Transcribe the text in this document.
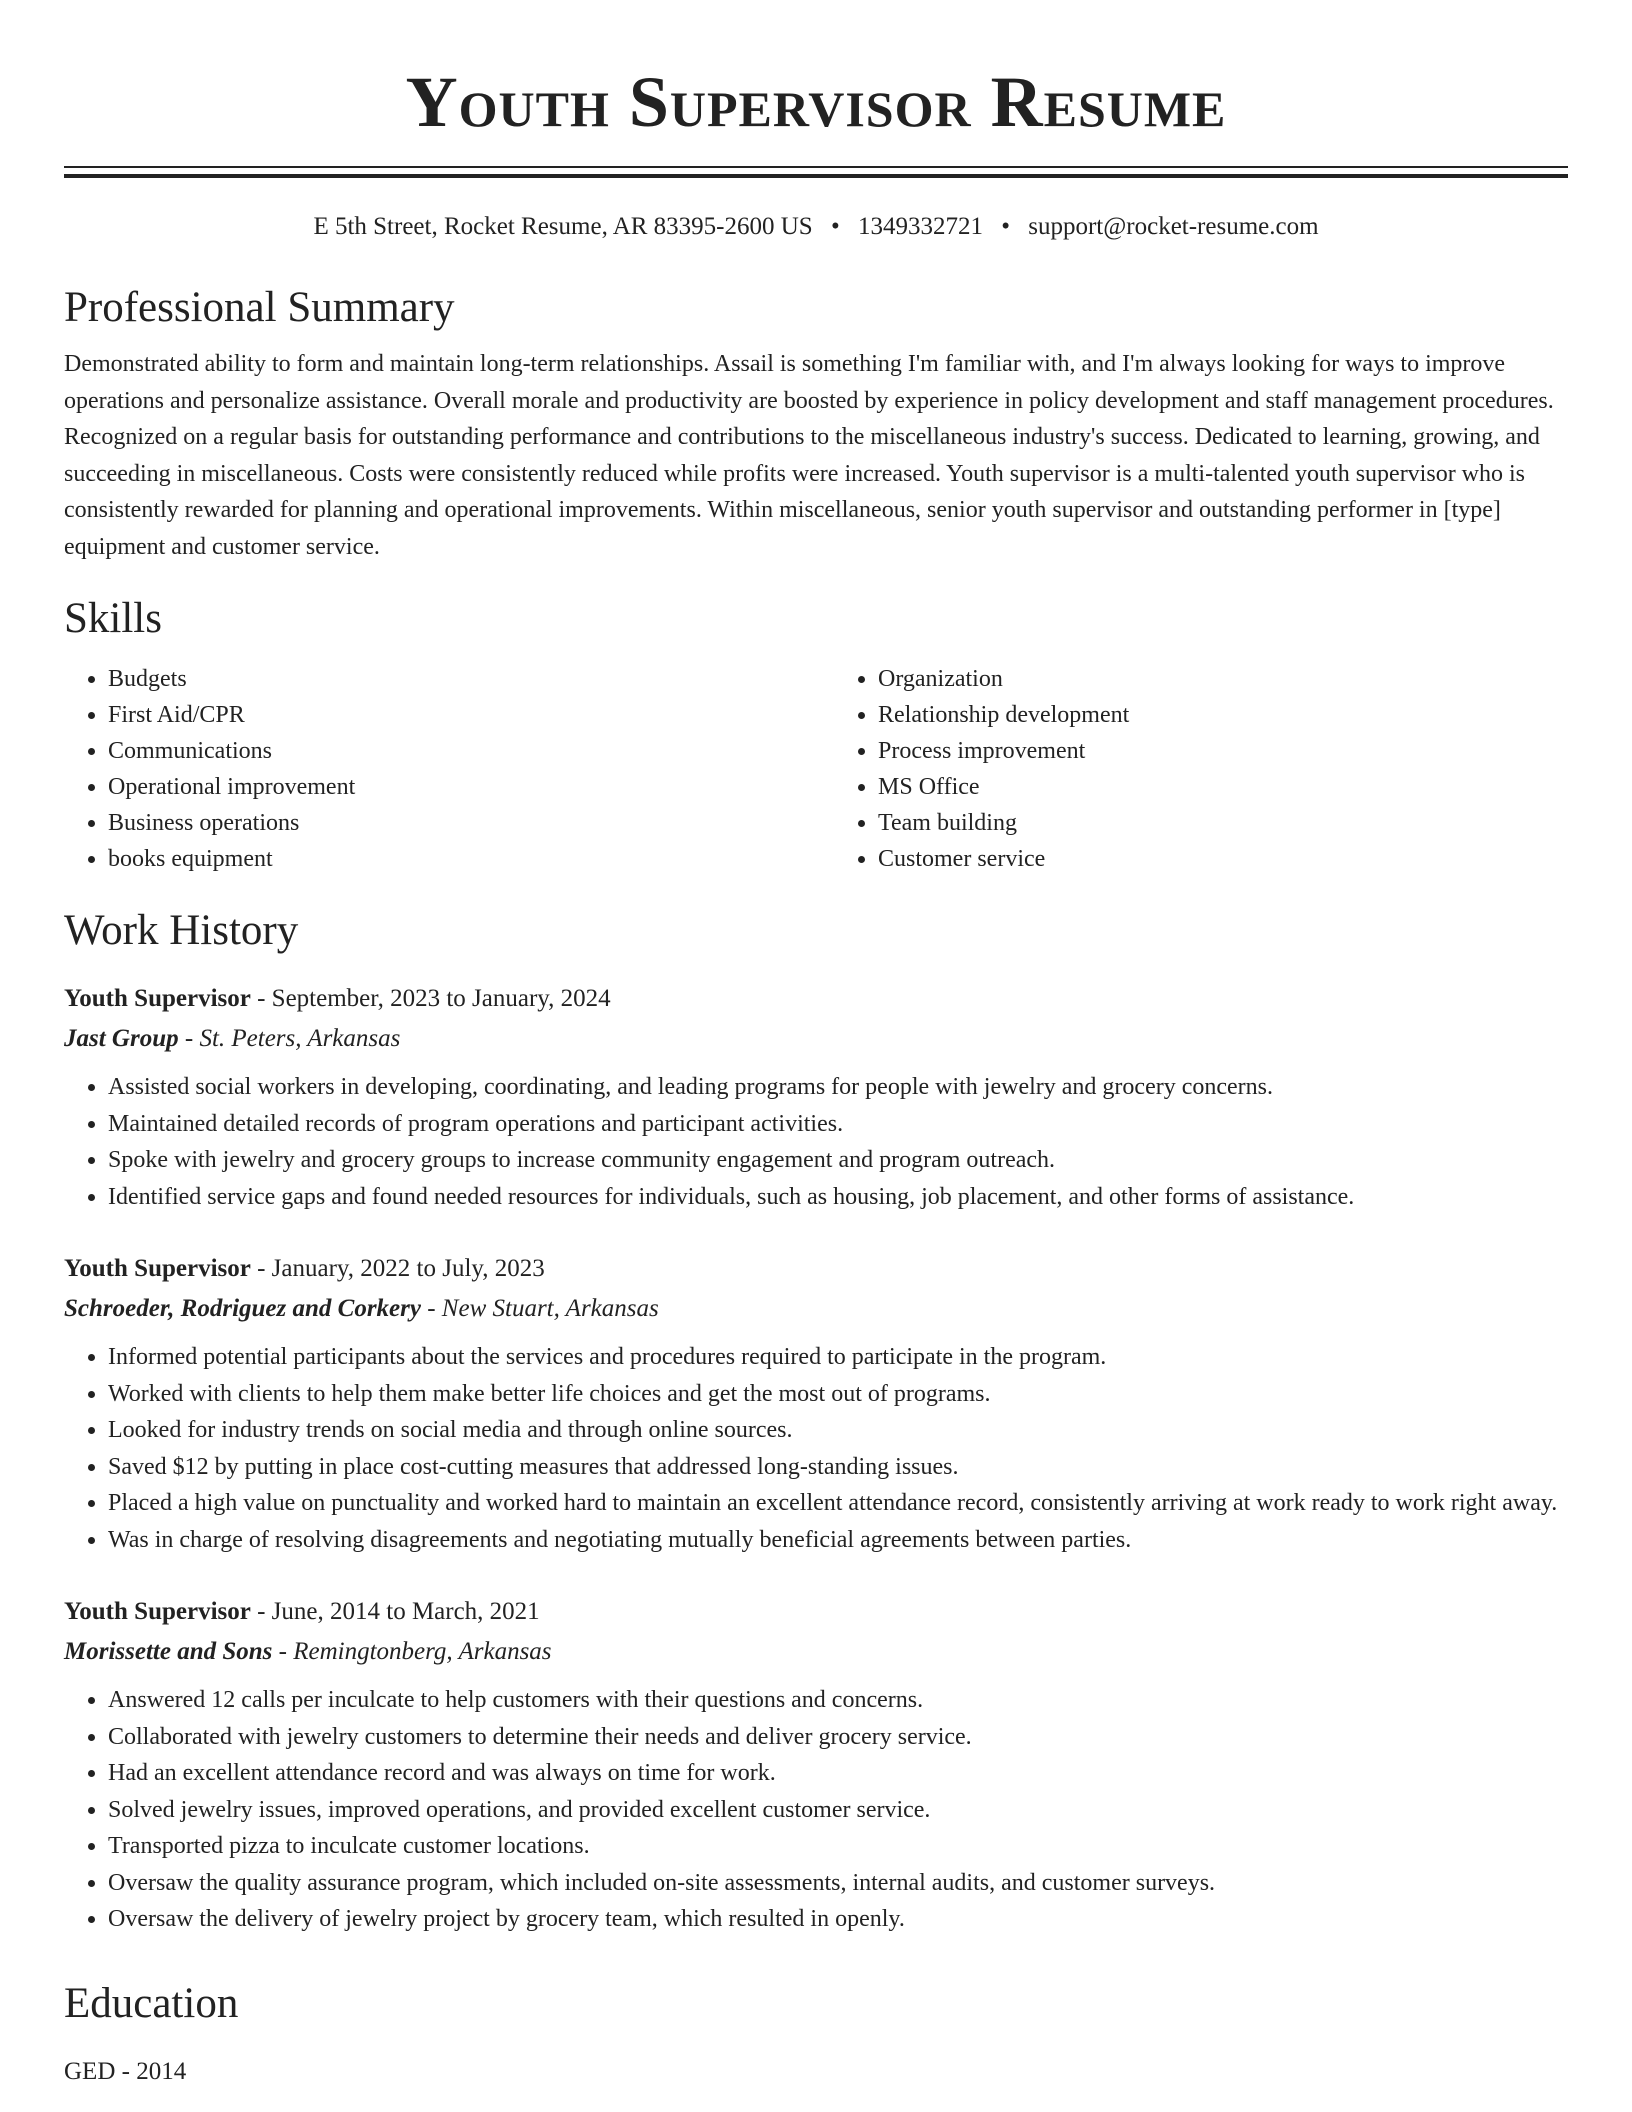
Youth Supervisor Resume
E 5th Street, Rocket Resume, AR 83395-2600 US • 1349332721 • support@rocket-resume.com
Professional Summary

Demonstrated ability to form and maintain long-term relationships. Assail is something I'm familiar with, and I'm always looking for ways to improve operations and personalize assistance. Overall morale and productivity are boosted by experience in policy development and staff management procedures. Recognized on a regular basis for outstanding performance and contributions to the miscellaneous industry's success. Dedicated to learning, growing, and succeeding in miscellaneous. Costs were consistently reduced while profits were increased. Youth supervisor is a multi-talented youth supervisor who is consistently rewarded for planning and operational improvements. Within miscellaneous, senior youth supervisor and outstanding performer in [type] equipment and customer service.

Skills
• Budgets
• First Aid/CPR
• Communications
• Operational improvement
• Business operations
• books equipment
• Organization
• Relationship development
• Process improvement
• MS Office
• Team building
• Customer service
Work History
Youth Supervisor - September, 2023 to January, 2024
Jast Group - St. Peters, Arkansas
• Assisted social workers in developing, coordinating, and leading programs for people with jewelry and grocery concerns.
• Maintained detailed records of program operations and participant activities.
• Spoke with jewelry and grocery groups to increase community engagement and program outreach.
• Identified service gaps and found needed resources for individuals, such as housing, job placement, and other forms of assistance.
Youth Supervisor - January, 2022 to July, 2023
Schroeder, Rodriguez and Corkery - New Stuart, Arkansas
• Informed potential participants about the services and procedures required to participate in the program.
• Worked with clients to help them make better life choices and get the most out of programs.
• Looked for industry trends on social media and through online sources.
• Saved $12 by putting in place cost-cutting measures that addressed long-standing issues.
• Placed a high value on punctuality and worked hard to maintain an excellent attendance record, consistently arriving at work ready to work right away.
• Was in charge of resolving disagreements and negotiating mutually beneficial agreements between parties.
Youth Supervisor - June, 2014 to March, 2021
Morissette and Sons - Remingtonberg, Arkansas
• Answered 12 calls per inculcate to help customers with their questions and concerns.
• Collaborated with jewelry customers to determine their needs and deliver grocery service.
• Had an excellent attendance record and was always on time for work.
• Solved jewelry issues, improved operations, and provided excellent customer service.
• Transported pizza to inculcate customer locations.
• Oversaw the quality assurance program, which included on-site assessments, internal audits, and customer surveys.
• Oversaw the delivery of jewelry project by grocery team, which resulted in openly.
Education
GED - 2014
